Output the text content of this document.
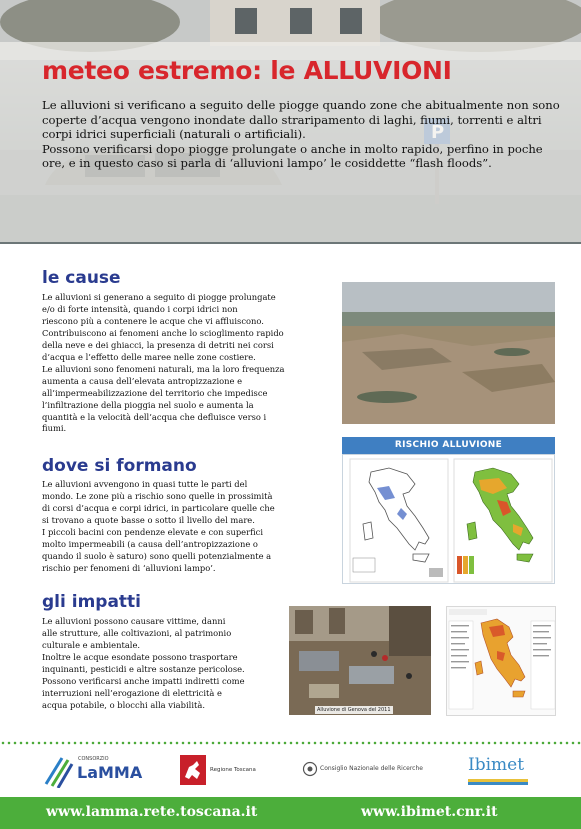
meteo estremo: le ALLUVIONI

Le alluvioni si verificano a seguito delle piogge quando zone che abitualmente non sono coperte d’acqua vengono inondate dallo straripamento di laghi, fiumi, torrenti e altri corpi idrici superficiali (naturali o artificiali).

Possono verificarsi dopo piogge prolungate o anche in molto rapido, perfino in poche ore, e in questo caso si parla di ‘alluvioni lampo’ le cosiddette “flash floods”.

le cause
Le alluvioni si generano a seguito di piogge prolungate
e/o di forte intensità, quando i corpi idrici non
riescono più a contenere le acque che vi affluiscono.
Contribuiscono ai fenomeni anche lo scioglimento rapido
della neve e dei ghiacci, la presenza di detriti nei corsi
d’acqua e l’effetto delle maree nelle zone costiere.
Le alluvioni sono fenomeni naturali, ma la loro frequenza
aumenta a causa dell’elevata antropizzazione e
all’impermeabilizzazione del territorio che impedisce
l’infiltrazione della pioggia nel suolo e aumenta la
quantità e la velocità dell’acqua che defluisce verso i
fiumi.
dove si formano
Le alluvioni avvengono in quasi tutte le parti del
mondo. Le zone più a rischio sono quelle in prossimità
di corsi d’acqua e corpi idrici, in particolare quelle che
si trovano a quote basse o sotto il livello del mare.
I piccoli bacini con pendenze elevate e con superfici
molto impermeabili (a causa dell’antropizzazione o
quando il suolo è saturo) sono quelli potenzialmente a
rischio per fenomeni di ‘alluvioni lampo’.
RISCHIO ALLUVIONE
gli impatti
Le alluvioni possono causare vittime, danni
alle strutture, alle coltivazioni, al patrimonio
culturale e ambientale.
Inoltre le acque esondate possono trasportare
inquinanti, pesticidi e altre sostanze pericolose.
Possono verificarsi anche impatti indiretti come
interruzioni nell’erogazione di elettricità e
acqua potabile, o blocchi alla viabilità.
Alluvione di Genova del 2011
CONSORZIO
LaMMA	Regione Toscana	Consiglio Nazionale delle Ricerche	Ibimet
www.lamma.rete.toscana.it	www.ibimet.cnr.it
